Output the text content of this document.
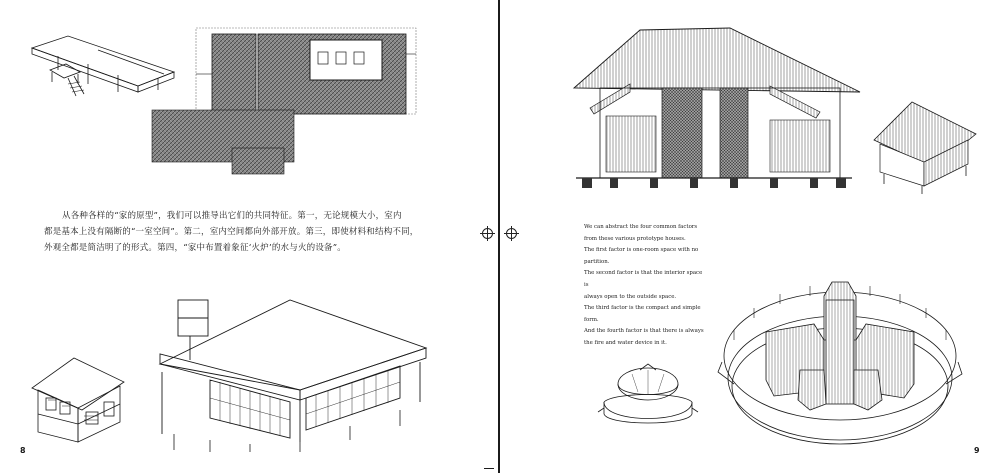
从各种各样的“家的原型”，我们可以推导出它们的共同特征。第一，无论规模大小，室内

都是基本上没有隔断的“一室空间”。第二，室内空间都向外部开放。第三，即使材料和结构不同，

外观全都是简洁明了的形式。第四，“家中布置着象征‘火炉’的水与火的设备”。

8

We can abstract the four common factors

from these various prototype houses.

The first factor is one-room space with no

partition.

The second factor is that the interior space is

always open to the outside space.

The third factor is the compact and simple

form.

And the fourth factor is that there is always

the fire and water device in it.

9
